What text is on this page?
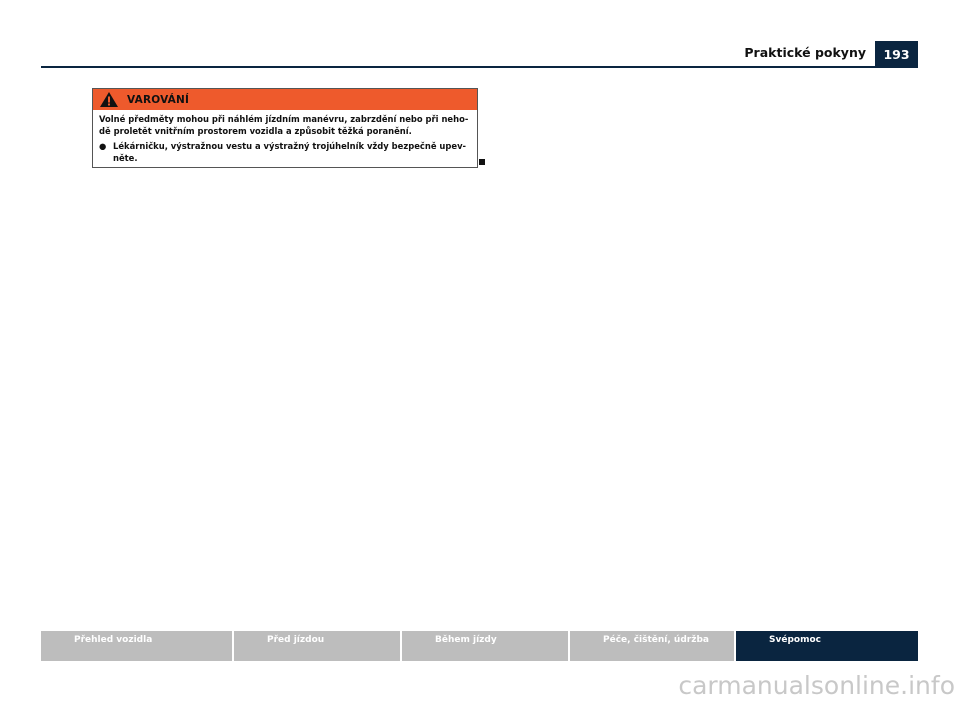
Praktické pokyny	193
VAROVÁNÍ

Volné předměty mohou při náhlém jízdním manévru, zabrzdění nebo při neho-dě proletět vnitřním prostorem vozidla a způsobit těžká poranění.

● Lékárničku, výstražnou vestu a výstražný trojúhelník vždy bezpečně upev-něte.
Přehled vozidla	Před jízdou	Během jízdy	Péče, čištění, údržba	Svépomoc
carmanualsonline.info
